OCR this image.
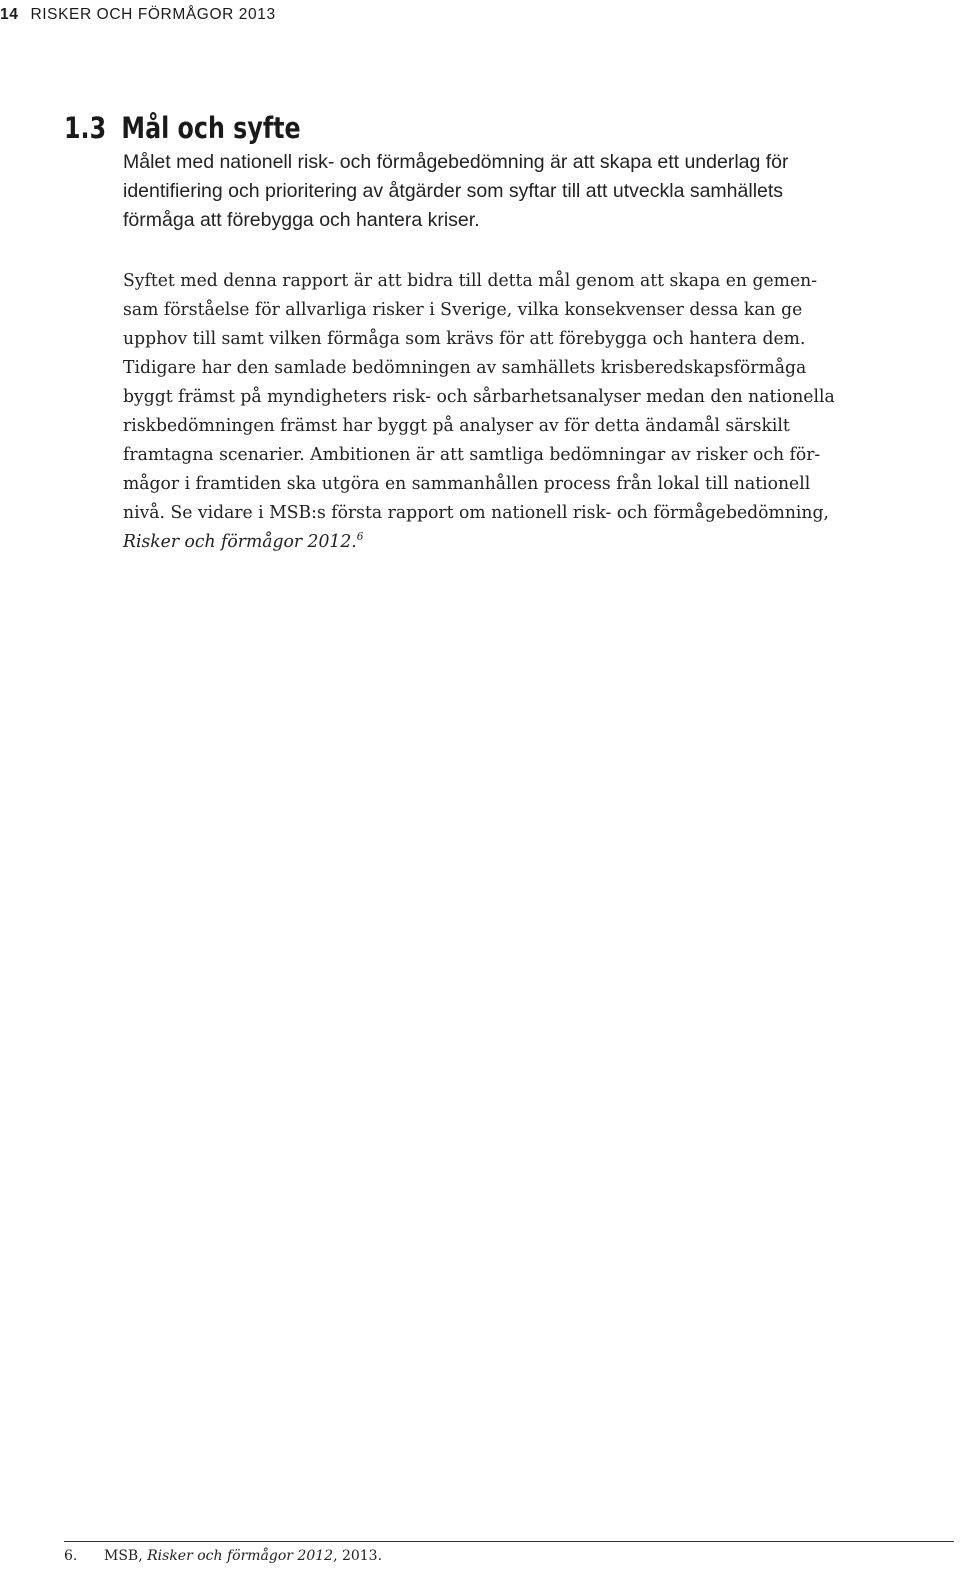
14 RISKER OCH FÖRMÅGOR 2013
1.3 Mål och syfte

Målet med nationell risk- och förmågebedömning är att skapa ett underlag för
identifiering och prioritering av åtgärder som syftar till att utveckla samhällets
förmåga att förebygga och hantera kriser.

Syftet med denna rapport är att bidra till detta mål genom att skapa en gemen-
sam förståelse för allvarliga risker i Sverige, vilka konsekvenser dessa kan ge
upphov till samt vilken förmåga som krävs för att förebygga och hantera dem.
Tidigare har den samlade bedömningen av samhällets krisberedskapsförmåga
byggt främst på myndigheters risk- och sårbarhetsanalyser medan den nationella
riskbedömningen främst har byggt på analyser av för detta ändamål särskilt
framtagna scenarier. Ambitionen är att samtliga bedömningar av risker och för-
mågor i framtiden ska utgöra en sammanhållen process från lokal till nationell
nivå. Se vidare i MSB:s första rapport om nationell risk- och förmågebedömning,
Risker och förmågor 2012.$^6$

6. MSB, Risker och förmågor 2012, 2013.
